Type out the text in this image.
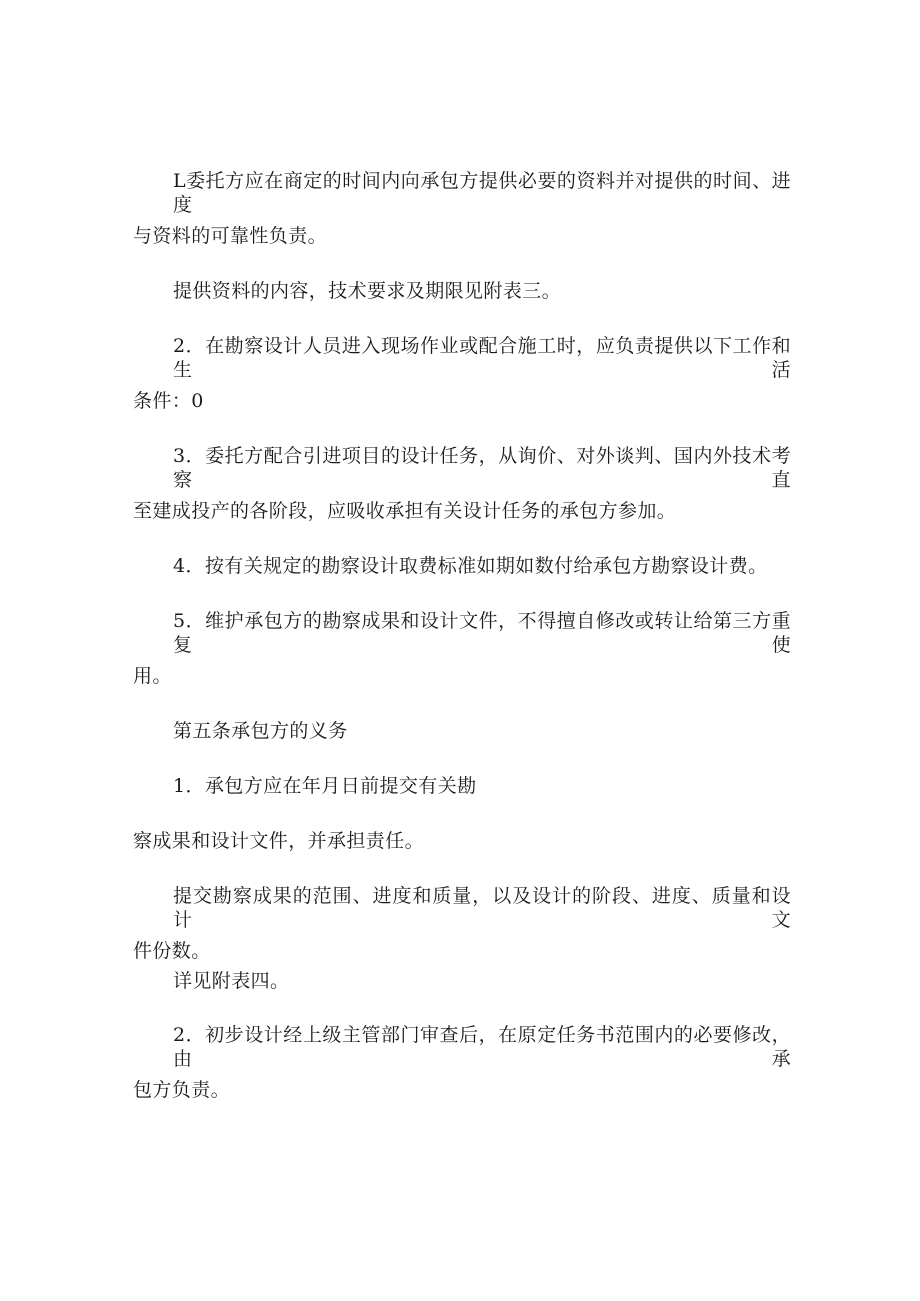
L委托方应在商定的时间内向承包方提供必要的资料并对提供的时间、进度
与资料的可靠性负责。
提供资料的内容，技术要求及期限见附表三。
2．在勘察设计人员进入现场作业或配合施工时，应负责提供以下工作和生活
条件：0
3．委托方配合引进项目的设计任务，从询价、对外谈判、国内外技术考察直
至建成投产的各阶段，应吸收承担有关设计任务的承包方参加。
4．按有关规定的勘察设计取费标准如期如数付给承包方勘察设计费。
5．维护承包方的勘察成果和设计文件，不得擅自修改或转让给第三方重复使
用。
第五条承包方的义务
1．承包方应在年月日前提交有关勘
察成果和设计文件，并承担责任。
提交勘察成果的范围、进度和质量，以及设计的阶段、进度、质量和设计文
件份数。
详见附表四。
2．初步设计经上级主管部门审查后，在原定任务书范围内的必要修改，由承
包方负责。
